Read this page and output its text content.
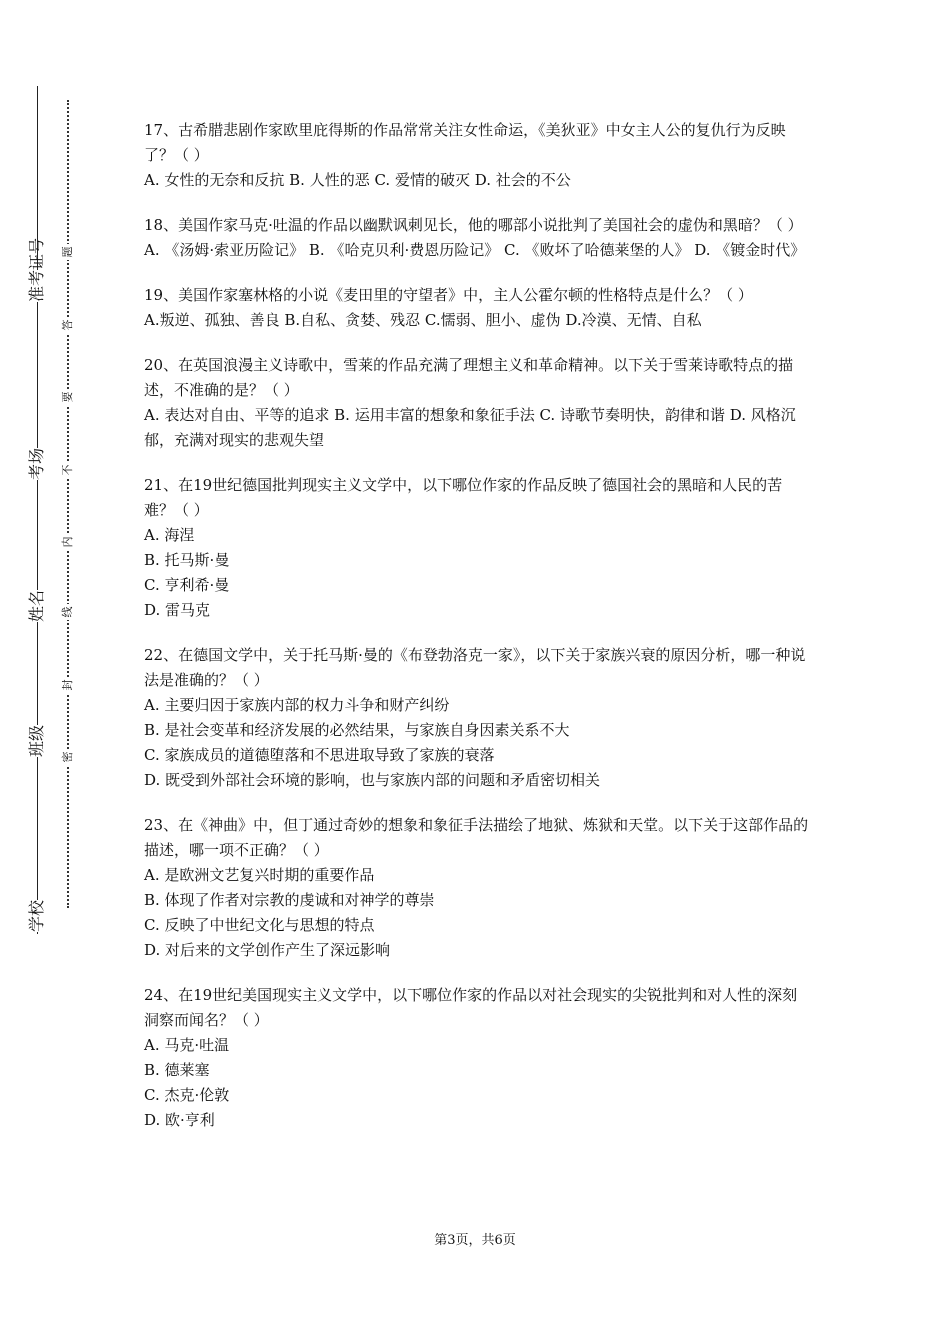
准考证号
考场
姓名
班级
学校
题
答
要
不
内
线
封
密
17、古希腊悲剧作家欧里庇得斯的作品常常关注女性命运，《美狄亚》中女主人公的复仇行为反映了？（ ）
A. 女性的无奈和反抗 B. 人性的恶 C. 爱情的破灭 D. 社会的不公
18、美国作家马克·吐温的作品以幽默讽刺见长，他的哪部小说批判了美国社会的虚伪和黑暗？（ ）
A. 《汤姆·索亚历险记》 B. 《哈克贝利·费恩历险记》 C. 《败坏了哈德莱堡的人》 D. 《镀金时代》
19、美国作家塞林格的小说《麦田里的守望者》中，主人公霍尔顿的性格特点是什么？（ ）
A.叛逆、孤独、善良 B.自私、贪婪、残忍 C.懦弱、胆小、虚伪 D.冷漠、无情、自私
20、在英国浪漫主义诗歌中，雪莱的作品充满了理想主义和革命精神。以下关于雪莱诗歌特点的描述，不准确的是？（ ）
A. 表达对自由、平等的追求 B. 运用丰富的想象和象征手法 C. 诗歌节奏明快，韵律和谐 D. 风格沉郁，充满对现实的悲观失望
21、在19世纪德国批判现实主义文学中，以下哪位作家的作品反映了德国社会的黑暗和人民的苦难？（ ）
A. 海涅
B. 托马斯·曼
C. 亨利希·曼
D. 雷马克
22、在德国文学中，关于托马斯·曼的《布登勃洛克一家》，以下关于家族兴衰的原因分析，哪一种说法是准确的？（ ）
A. 主要归因于家族内部的权力斗争和财产纠纷
B. 是社会变革和经济发展的必然结果，与家族自身因素关系不大
C. 家族成员的道德堕落和不思进取导致了家族的衰落
D. 既受到外部社会环境的影响，也与家族内部的问题和矛盾密切相关
23、在《神曲》中，但丁通过奇妙的想象和象征手法描绘了地狱、炼狱和天堂。以下关于这部作品的描述，哪一项不正确？（ ）
A. 是欧洲文艺复兴时期的重要作品
B. 体现了作者对宗教的虔诚和对神学的尊崇
C. 反映了中世纪文化与思想的特点
D. 对后来的文学创作产生了深远影响
24、在19世纪美国现实主义文学中，以下哪位作家的作品以对社会现实的尖锐批判和对人性的深刻洞察而闻名？（ ）
A. 马克·吐温
B. 德莱塞
C. 杰克·伦敦
D. 欧·亨利
第3页，共6页
